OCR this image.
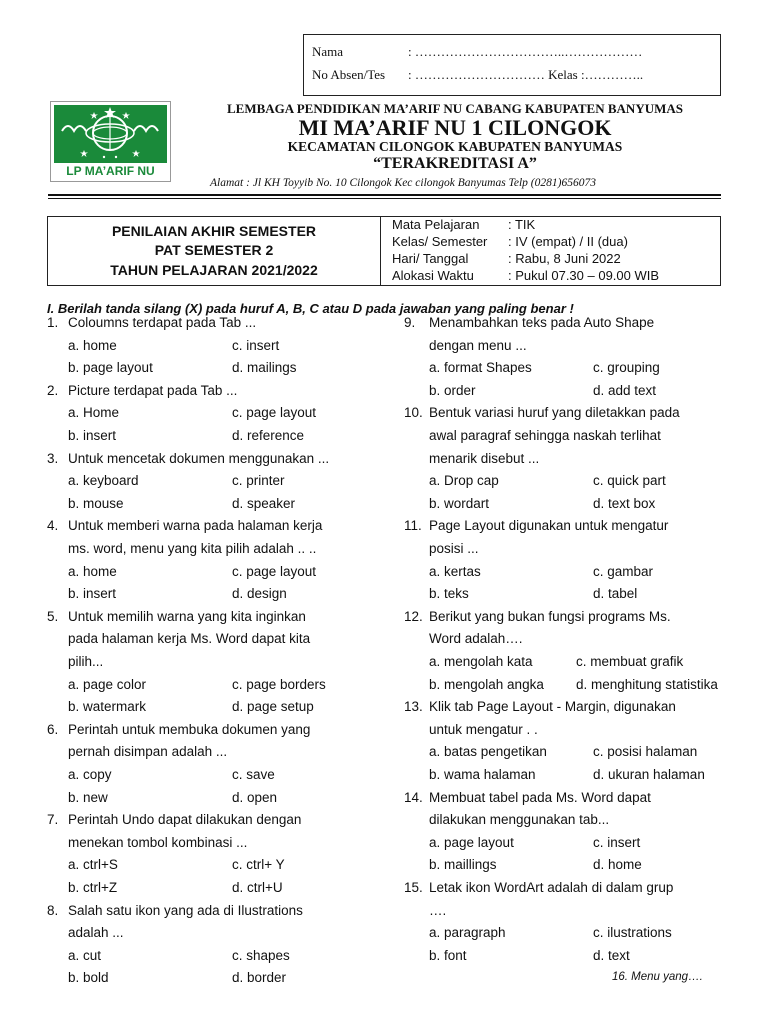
Nama	: ……………………………..………………
No Absen/Tes : ………………………… Kelas :…………..
LP MA’ARIF NU
LEMBAGA PENDIDIKAN MA’ARIF NU CABANG KABUPATEN BANYUMAS
MI MA’ARIF NU 1 CILONGOK
KECAMATAN CILONGOK KABUPATEN BANYUMAS
“TERAKREDITASI A”
Alamat : Jl KH Toyyib No. 10 Cilongok Kec cilongok Banyumas Telp (0281)656073
PENILAIAN AKHIR SEMESTER
PAT SEMESTER 2
TAHUN PELAJARAN 2021/2022
Mata Pelajaran : TIK
Kelas/ Semester : IV (empat) / II (dua)
Hari/ Tanggal	: Rabu, 8 Juni 2022
Alokasi Waktu	: Pukul 07.30 – 09.00 WIB
I. Berilah tanda silang (X) pada huruf A, B, C atau D pada jawaban yang paling benar !
1. Coloumns terdapat pada Tab ...
a. home	c. insert
b. page layout	d. mailings
2. Picture terdapat pada Tab ...
a. Home	c. page layout
b. insert	d. reference
3. Untuk mencetak dokumen menggunakan ...
a. keyboard	c. printer
b. mouse	d. speaker
4. Untuk memberi warna pada halaman kerja
ms. word, menu yang kita pilih adalah .. ..
a. home	c. page layout
b. insert	d. design
5. Untuk memilih warna yang kita inginkan
pada halaman kerja Ms. Word dapat kita
pilih...
a. page color	c. page borders
b. watermark	d. page setup
6. Perintah untuk membuka dokumen yang
pernah disimpan adalah ...
a. copy	c. save
b. new	d. open
7. Perintah Undo dapat dilakukan dengan
menekan tombol kombinasi ...
a. ctrl+S	c. ctrl+ Y
b. ctrl+Z	d. ctrl+U
8. Salah satu ikon yang ada di Ilustrations
adalah ...
a. cut	c. shapes
b. bold	d. border
9. Menambahkan teks pada Auto Shape
dengan menu ...
a. format Shapes	c. grouping
b. order	d. add text
10. Bentuk variasi huruf yang diletakkan pada
awal paragraf sehingga naskah terlihat
menarik disebut ...
a. Drop cap	c. quick part
b. wordart	d. text box
11. Page Layout digunakan untuk mengatur
posisi ...
a. kertas	c. gambar
b. teks	d. tabel
12. Berikut yang bukan fungsi programs Ms.
Word adalah….
a. mengolah kata	c. membuat grafik
b. mengolah angka d. menghitung statistika
13. Klik tab Page Layout - Margin, digunakan
untuk mengatur . .
a. batas pengetikan	c. posisi halaman
b. wama halaman	d. ukuran halaman
14. Membuat tabel pada Ms. Word dapat
dilakukan menggunakan tab...
a. page layout	c. insert
b. maillings	d. home
15. Letak ikon WordArt adalah di dalam grup
….
a. paragraph	c. ilustrations
b. font	d. text
16. Menu yang….
